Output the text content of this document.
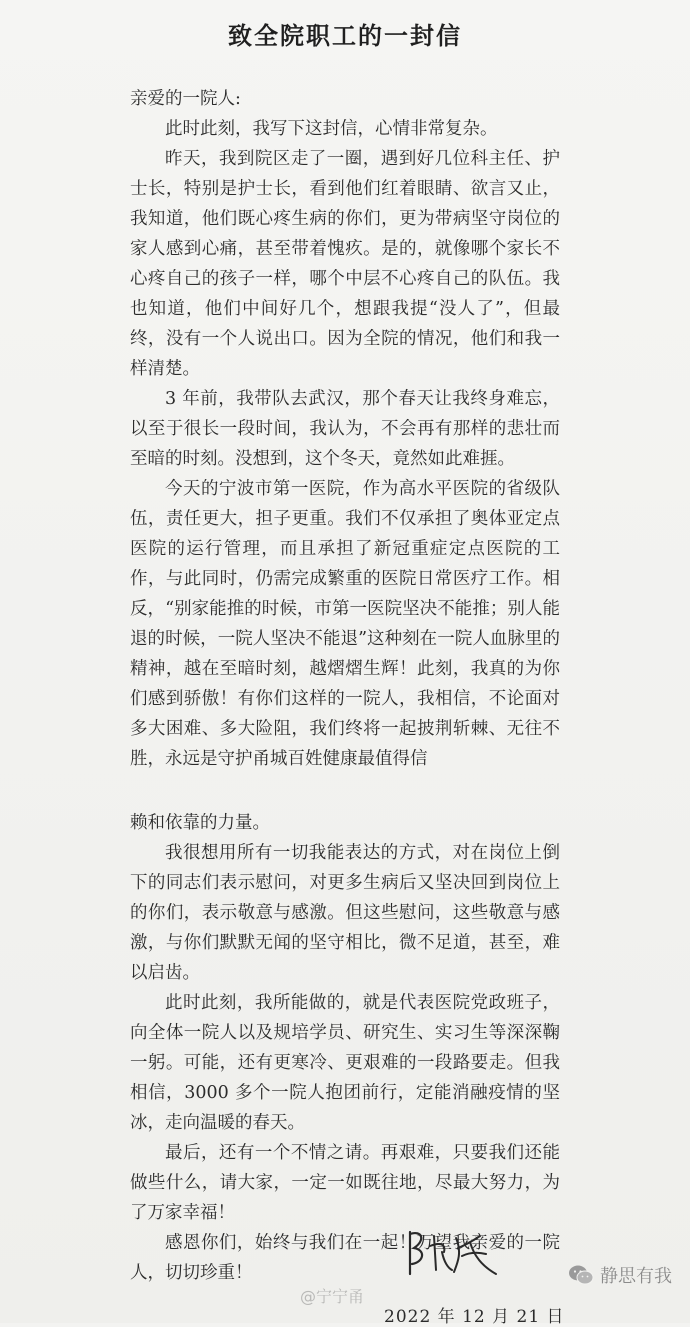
致全院职工的一封信

亲爱的一院人:

此时此刻，我写下这封信，心情非常复杂。

昨天，我到院区走了一圈，遇到好几位科主任、护士长，特别是护士长，看到他们红着眼睛、欲言又止，我知道，他们既心疼生病的你们，更为带病坚守岗位的家人感到心痛，甚至带着愧疚。是的，就像哪个家长不心疼自己的孩子一样，哪个中层不心疼自己的队伍。我也知道，他们中间好几个，想跟我提“没人了”，但最终，没有一个人说出口。因为全院的情况，他们和我一样清楚。

3 年前，我带队去武汉，那个春天让我终身难忘，以至于很长一段时间，我认为，不会再有那样的悲壮而至暗的时刻。没想到，这个冬天，竟然如此难捱。

今天的宁波市第一医院，作为高水平医院的省级队伍，责任更大，担子更重。我们不仅承担了奥体亚定点医院的运行管理，而且承担了新冠重症定点医院的工作，与此同时，仍需完成繁重的医院日常医疗工作。相反，“别家能推的时候，市第一医院坚决不能推；别人能退的时候，一院人坚决不能退”这种刻在一院人血脉里的精神，越在至暗时刻，越熠熠生辉！此刻，我真的为你们感到骄傲！有你们这样的一院人，我相信，不论面对多大困难、多大险阻，我们终将一起披荆斩棘、无往不胜，永远是守护甬城百姓健康最值得信

赖和依靠的力量。

我很想用所有一切我能表达的方式，对在岗位上倒下的同志们表示慰问，对更多生病后又坚决回到岗位上的你们，表示敬意与感激。但这些慰问，这些敬意与感激，与你们默默无闻的坚守相比，微不足道，甚至，难以启齿。

此时此刻，我所能做的，就是代表医院党政班子，向全体一院人以及规培学员、研究生、实习生等深深鞠一躬。可能，还有更寒冷、更艰难的一段路要走。但我相信，3000 多个一院人抱团前行，定能消融疫情的坚冰，走向温暖的春天。

最后，还有一个不情之请。再艰难，只要我们还能做些什么，请大家，一定一如既往地，尽最大努力，为了万家幸福！

感恩你们，始终与我们在一起！万望我亲爱的一院人，切切珍重！

@宁宁甬
2022 年 12 月 21 日
静思有我
